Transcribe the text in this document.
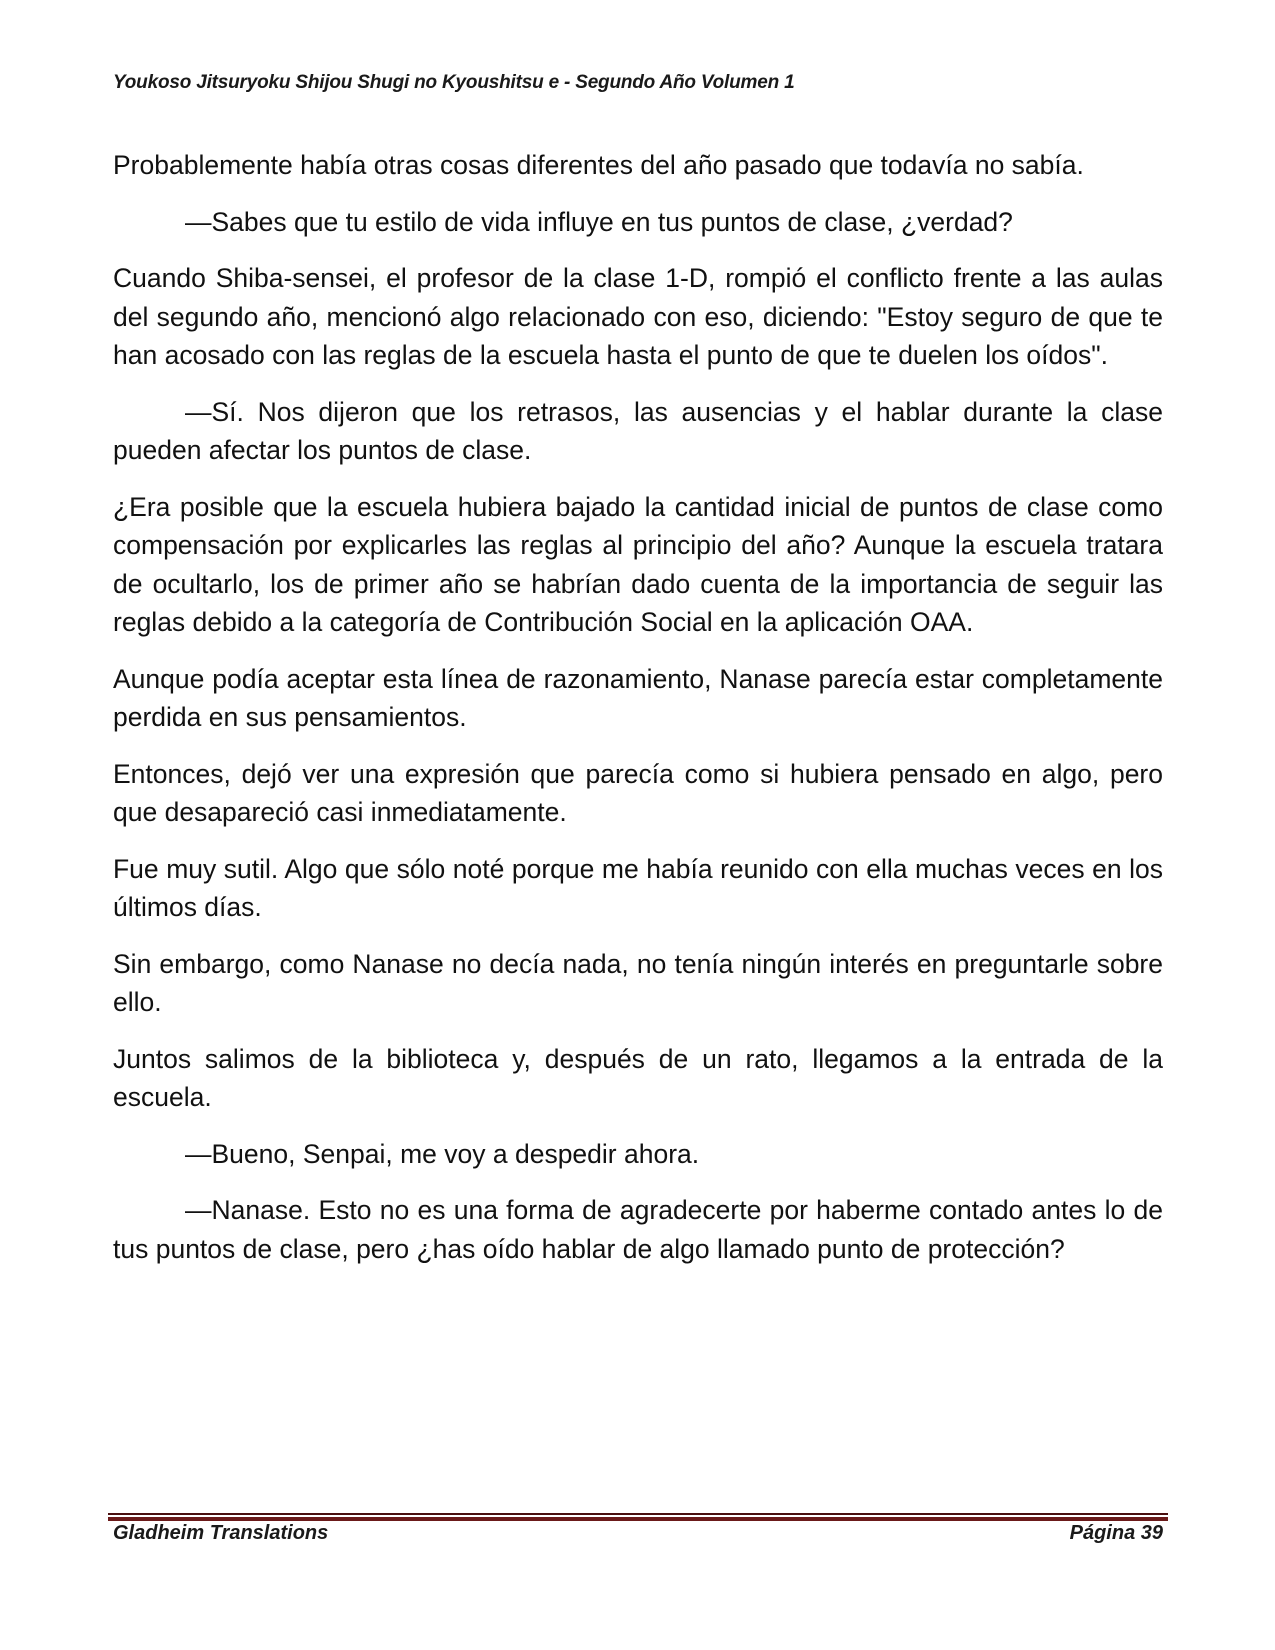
Youkoso Jitsuryoku Shijou Shugi no Kyoushitsu e - Segundo Año Volumen 1

Probablemente había otras cosas diferentes del año pasado que todavía no sabía.

—Sabes que tu estilo de vida influye en tus puntos de clase, ¿verdad?

Cuando Shiba-sensei, el profesor de la clase 1-D, rompió el conflicto frente a las aulas del segundo año, mencionó algo relacionado con eso, diciendo: "Estoy seguro de que te han acosado con las reglas de la escuela hasta el punto de que te duelen los oídos".

—Sí. Nos dijeron que los retrasos, las ausencias y el hablar durante la clase pueden afectar los puntos de clase.

¿Era posible que la escuela hubiera bajado la cantidad inicial de puntos de clase como compensación por explicarles las reglas al principio del año? Aunque la escuela tratara de ocultarlo, los de primer año se habrían dado cuenta de la importancia de seguir las reglas debido a la categoría de Contribución Social en la aplicación OAA.

Aunque podía aceptar esta línea de razonamiento, Nanase parecía estar completamente perdida en sus pensamientos.

Entonces, dejó ver una expresión que parecía como si hubiera pensado en algo, pero que desapareció casi inmediatamente.

Fue muy sutil. Algo que sólo noté porque me había reunido con ella muchas veces en los últimos días.

Sin embargo, como Nanase no decía nada, no tenía ningún interés en preguntarle sobre ello.

Juntos salimos de la biblioteca y, después de un rato, llegamos a la entrada de la escuela.

—Bueno, Senpai, me voy a despedir ahora.

—Nanase. Esto no es una forma de agradecerte por haberme contado antes lo de tus puntos de clase, pero ¿has oído hablar de algo llamado punto de protección?

Gladheim Translations	Página 39
